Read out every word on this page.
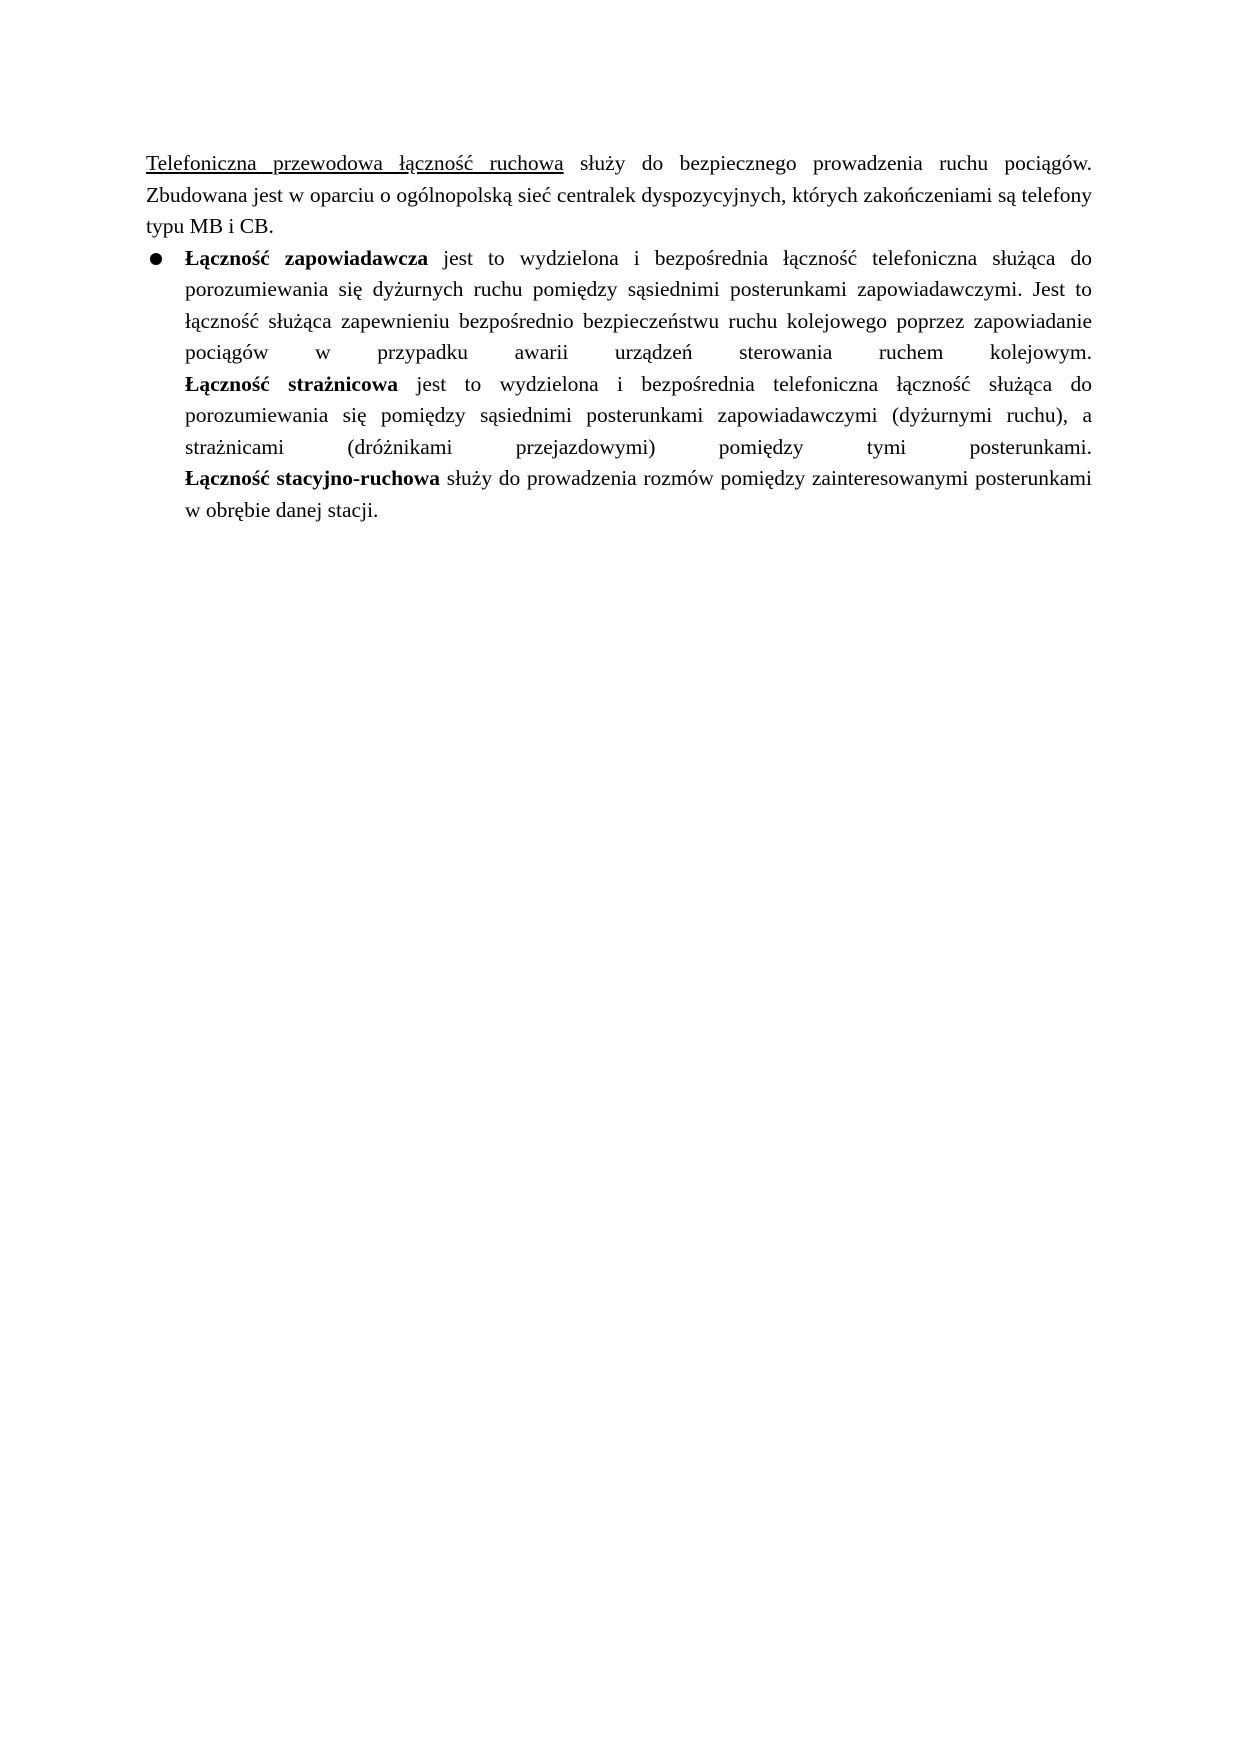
Telefoniczna przewodowa łączność ruchowa służy do bezpiecznego prowadzenia ruchu pociągów. Zbudowana jest w oparciu o ogólnopolską sieć centralek dyspozycyjnych, których zakończeniami są telefony typu MB i CB.

Łączność zapowiadawcza jest to wydzielona i bezpośrednia łączność telefoniczna służąca do porozumiewania się dyżurnych ruchu pomiędzy sąsiednimi posterunkami zapowiadawczymi. Jest to łączność służąca zapewnieniu bezpośrednio bezpieczeństwu ruchu kolejowego poprzez zapowiadanie pociągów w przypadku awarii urządzeń sterowania ruchem kolejowym.
Łączność strażnicowa jest to wydzielona i bezpośrednia telefoniczna łączność służąca do porozumiewania się pomiędzy sąsiednimi posterunkami zapowiadawczymi (dyżurnymi ruchu), a strażnicami (dróżnikami przejazdowymi) pomiędzy tymi posterunkami.
Łączność stacyjno-ruchowa służy do prowadzenia rozmów pomiędzy zainteresowanymi posterunkami w obrębie danej stacji.
